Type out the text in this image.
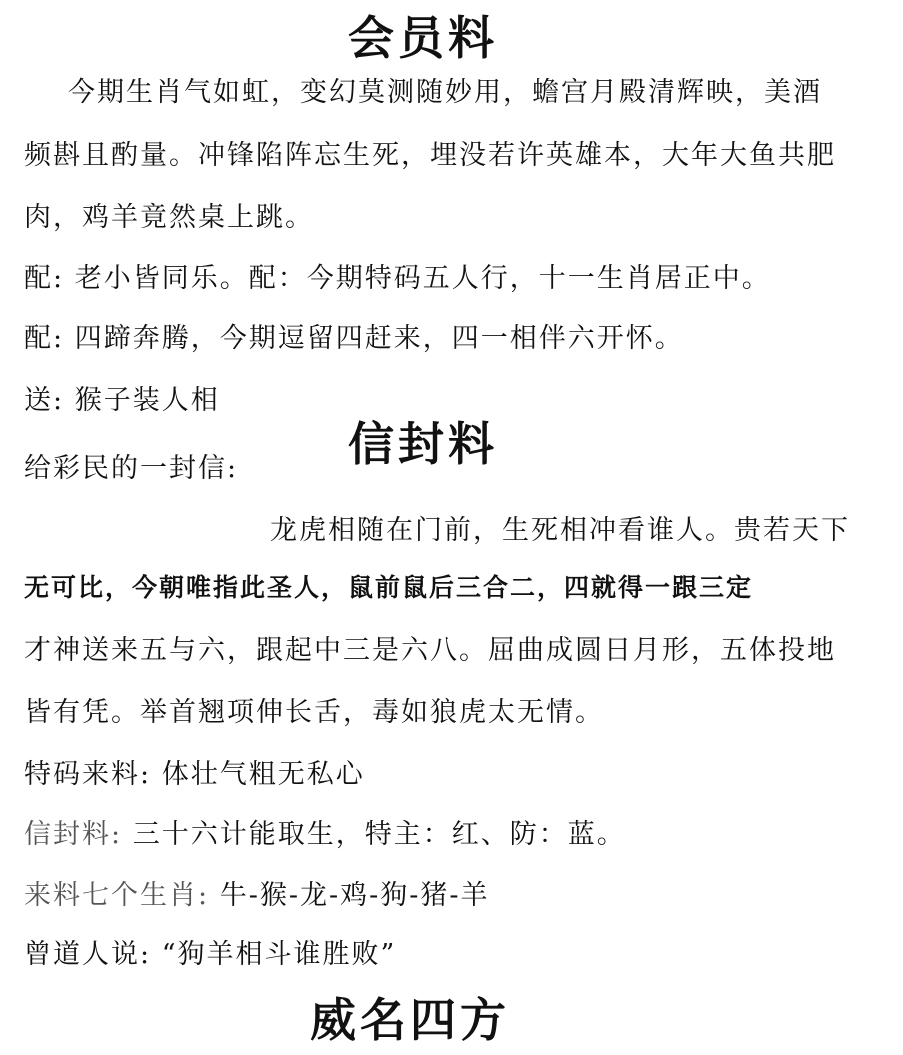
会员料
今期生肖气如虹，变幻莫测随妙用，蟾宫月殿清辉映，美酒
频斟且酌量。冲锋陷阵忘生死，埋没若许英雄本，大年大鱼共肥
肉，鸡羊竟然桌上跳。
配: 老小皆同乐。配：今期特码五人行，十一生肖居正中。
配: 四蹄奔腾，今期逗留四赶来，四一相伴六开怀。
送: 猴子装人相
信封料
给彩民的一封信:
龙虎相随在门前，生死相冲看谁人。贵若天下
无可比，今朝唯指此圣人，鼠前鼠后三合二，四就得一跟三定
才神送来五与六，跟起中三是六八。屈曲成圆日月形，五体投地
皆有凭。举首翘项伸长舌，毒如狼虎太无情。
特码来料: 体壮气粗无私心
信封料: 三十六计能取生，特主：红、防：蓝。
来料七个生肖: 牛-猴-龙-鸡-狗-猪-羊
曾道人说: “狗羊相斗谁胜败”
威名四方
